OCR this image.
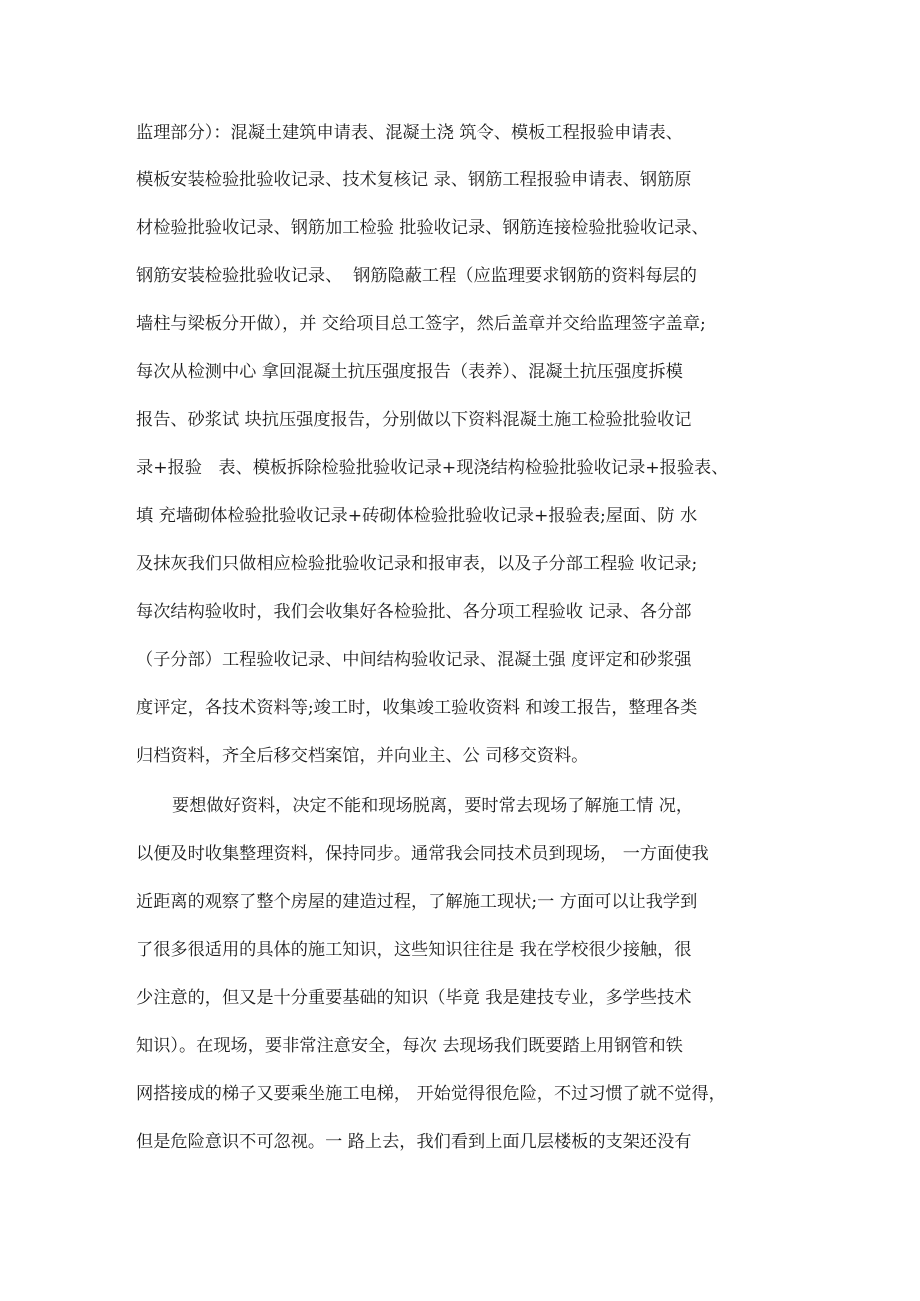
监理部分）：混凝土建筑申请表、混凝土浇 筑令、模板工程报验申请表、
模板安装检验批验收记录、技术复核记 录、钢筋工程报验申请表、钢筋原
材检验批验收记录、钢筋加工检验 批验收记录、钢筋连接检验批验收记录、
钢筋安装检验批验收记录、  钢筋隐蔽工程（应监理要求钢筋的资料每层的
墙柱与梁板分开做），并 交给项目总工签字，然后盖章并交给监理签字盖章;
每次从检测中心 拿回混凝土抗压强度报告（表养）、混凝土抗压强度拆模
报告、砂浆试 块抗压强度报告，分别做以下资料混凝土施工检验批验收记
录+报验   表、模板拆除检验批验收记录+现浇结构检验批验收记录+报验表、
填 充墙砌体检验批验收记录+砖砌体检验批验收记录+报验表;屋面、防 水
及抹灰我们只做相应检验批验收记录和报审表，以及子分部工程验 收记录;
每次结构验收时，我们会收集好各检验批、各分项工程验收 记录、各分部
（子分部）工程验收记录、中间结构验收记录、混凝土强 度评定和砂浆强
度评定，各技术资料等;竣工时，收集竣工验收资料 和竣工报告，整理各类
归档资料，齐全后移交档案馆，并向业主、公 司移交资料。
要想做好资料，决定不能和现场脱离，要时常去现场了解施工情 况，
以便及时收集整理资料，保持同步。通常我会同技术员到现场， 一方面使我
近距离的观察了整个房屋的建造过程，了解施工现状;一 方面可以让我学到
了很多很适用的具体的施工知识，这些知识往往是 我在学校很少接触，很
少注意的，但又是十分重要基础的知识（毕竟 我是建技专业，多学些技术
知识）。在现场，要非常注意安全，每次 去现场我们既要踏上用钢管和铁
网搭接成的梯子又要乘坐施工电梯， 开始觉得很危险，不过习惯了就不觉得，
但是危险意识不可忽视。一 路上去，我们看到上面几层楼板的支架还没有
